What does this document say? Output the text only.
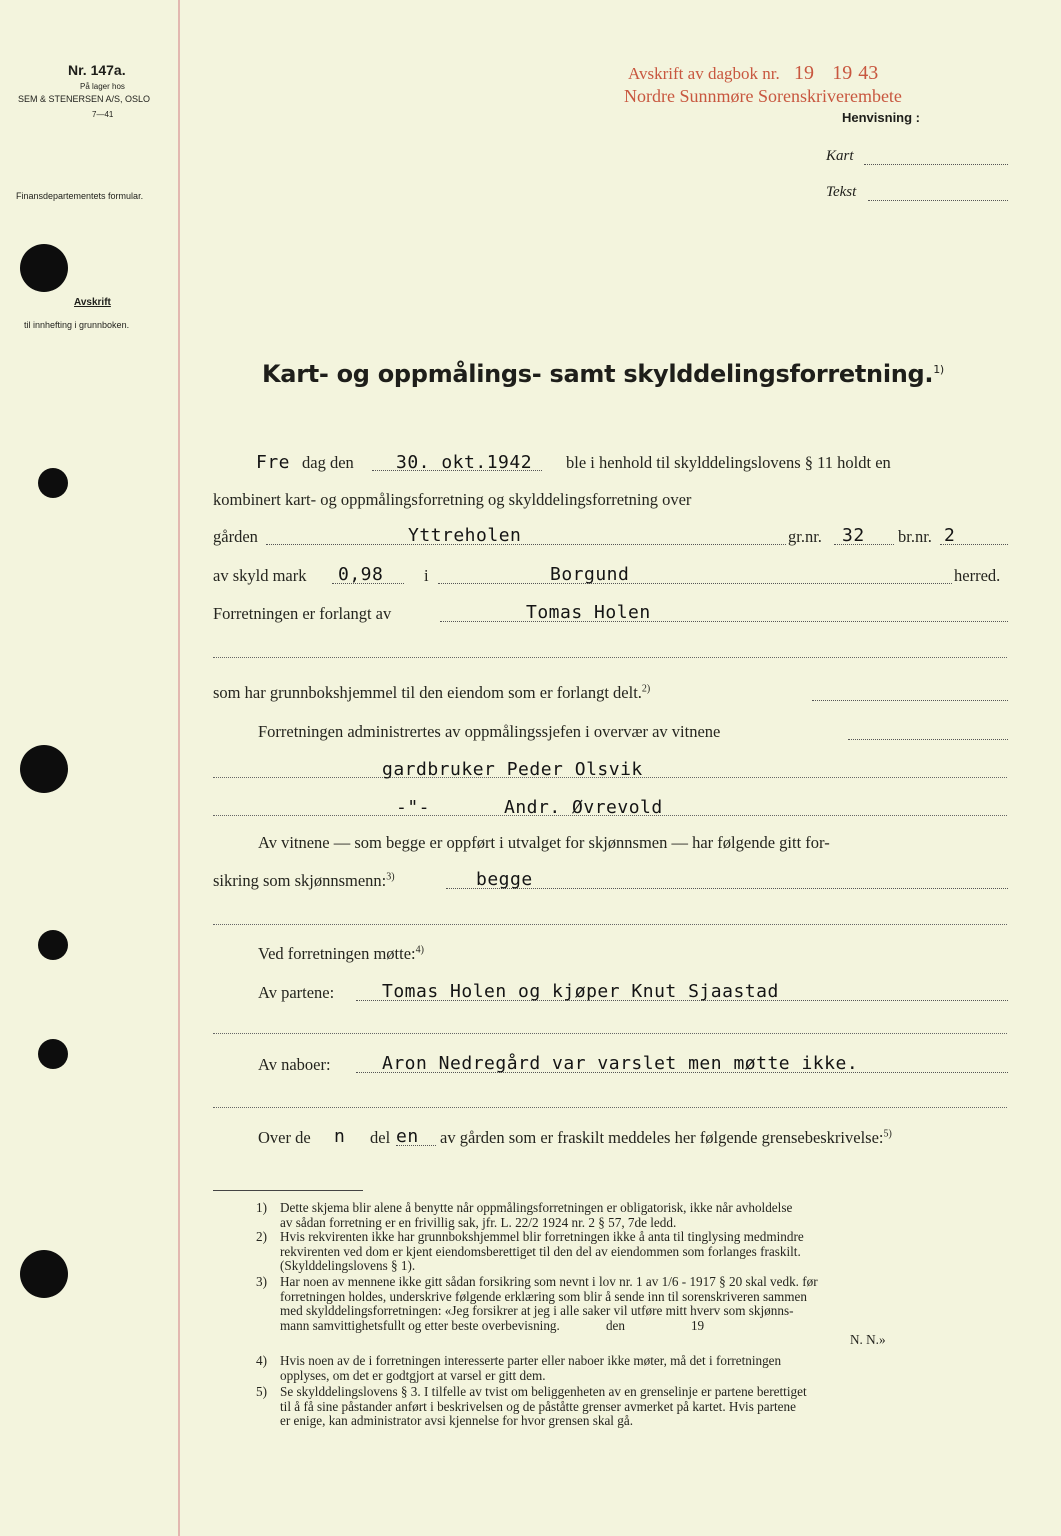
Nr. 147a.
På lager hos
SEM & STENERSEN A/S, OSLO
7—41
Finansdepartementets formular.
Avskrift
til innhefting i grunnboken.
Avskrift av dagbok nr. 19 19 43
Nordre Sunnmøre Sorenskriverembete
Henvisning :
Kart
Tekst
Kart- og oppmålings- samt skylddelingsforretning.$^{1)}$
Fre dag den 30. okt.1942 ble i henhold til skylddelingslovens § 11 holdt en
kombinert kart- og oppmålingsforretning og skylddelingsforretning over
gården	Yttreholen	gr.nr. 32 br.nr. 2
av skyld mark 0,98 i	Borgund	herred.
Forretningen er forlangt av	Tomas Holen
som har grunnbokshjemmel til den eiendom som er forlangt delt.$^{2)}$
Forretningen administrertes av oppmålingssjefen i overvær av vitnene
gardbruker Peder Olsvik
-"-	Andr. Øvrevold
Av vitnene — som begge er oppført i utvalget for skjønnsmen — har følgende gitt for-
sikring som skjønnsmenn:$^{3)}$	begge
Ved forretningen møtte:$^{4)}$
Av partene:	Tomas Holen og kjøper Knut Sjaastad
Av naboer:	Aron Nedregård var varslet men møtte ikke.
Over de n del en av gården som er fraskilt meddeles her følgende grensebeskrivelse:$^{5)}$
1) Dette skjema blir alene å benytte når oppmålingsforretningen er obligatorisk, ikke når avholdelse
av sådan forretning er en frivillig sak, jfr. L. 22/2 1924 nr. 2 § 57, 7de ledd.
2) Hvis rekvirenten ikke har grunnbokshjemmel blir forretningen ikke å anta til tinglysing medmindre
rekvirenten ved dom er kjent eiendomsberettiget til den del av eiendommen som forlanges fraskilt.
(Skylddelingslovens § 1).
3) Har noen av mennene ikke gitt sådan forsikring som nevnt i lov nr. 1 av 1/6 - 1917 § 20 skal vedk. før
forretningen holdes, underskrive følgende erklæring som blir å sende inn til sorenskriveren sammen
med skylddelingsforretningen: «Jeg forsikrer at jeg i alle saker vil utføre mitt hverv som skjønns-
mann samvittighetsfullt og etter beste overbevisning.              den                    19
N. N.»
4) Hvis noen av de i forretningen interesserte parter eller naboer ikke møter, må det i forretningen
opplyses, om det er godtgjort at varsel er gitt dem.
5) Se skylddelingslovens § 3. I tilfelle av tvist om beliggenheten av en grenselinje er partene berettiget
til å få sine påstander anført i beskrivelsen og de påståtte grenser avmerket på kartet. Hvis partene
er enige, kan administrator avsi kjennelse for hvor grensen skal gå.
